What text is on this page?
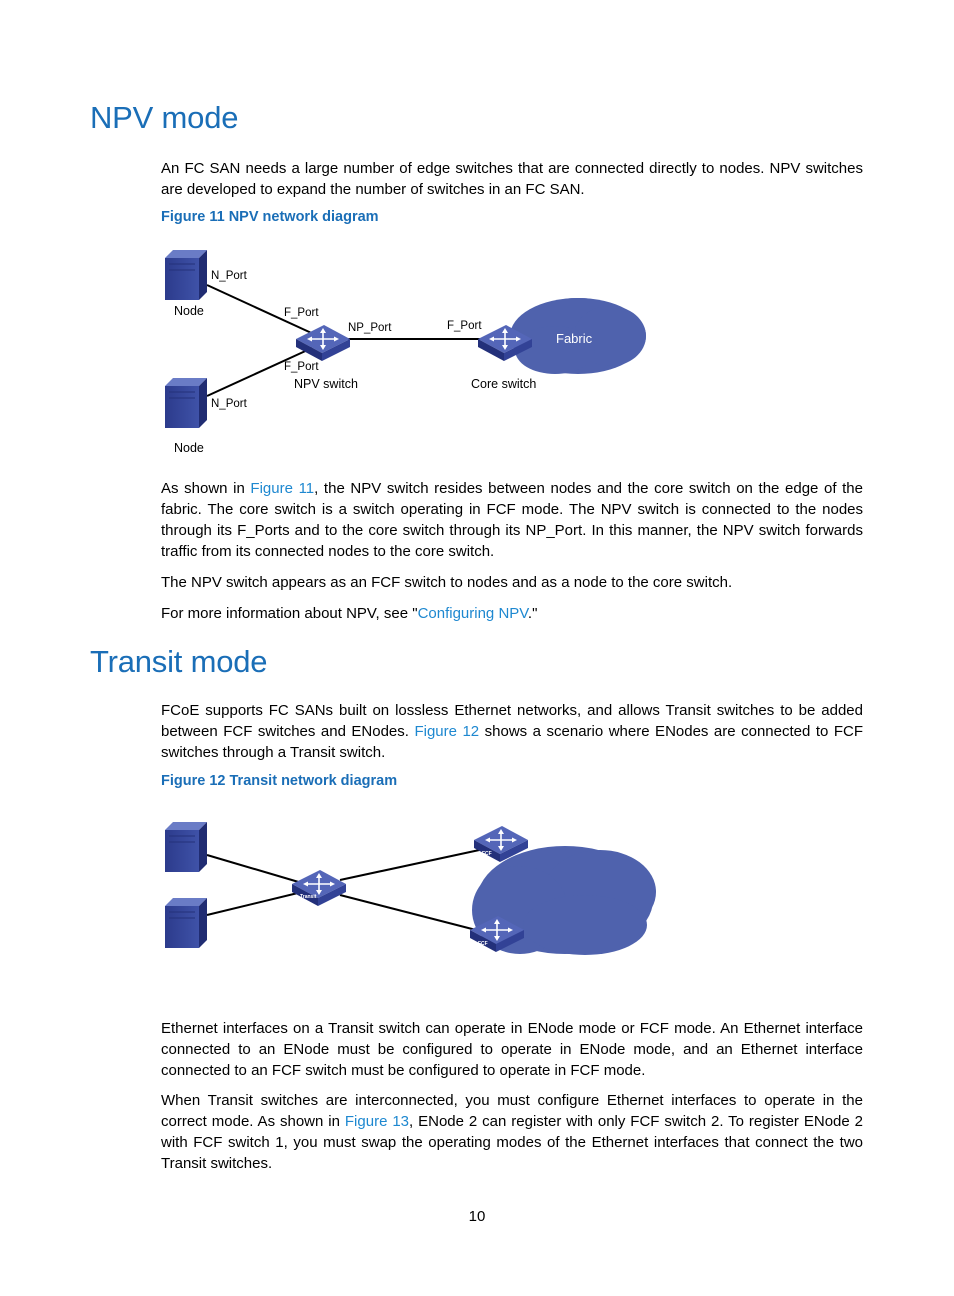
NPV mode

An FC SAN needs a large number of edge switches that are connected directly to nodes. NPV switches are developed to expand the number of switches in an FC SAN.

Figure 11 NPV network diagram

N_Port
Node	F_Port
NP_Port	F_Port
Fabric
F_Port
NPV switch	Core switch
N_Port
Node

As shown in Figure 11, the NPV switch resides between nodes and the core switch on the edge of the fabric. The core switch is a switch operating in FCF mode. The NPV switch is connected to the nodes through its F_Ports and to the core switch through its NP_Port. In this manner, the NPV switch forwards traffic from its connected nodes to the core switch.

The NPV switch appears as an FCF switch to nodes and as a node to the core switch.

For more information about NPV, see "Configuring NPV."

Transit mode

FCoE supports FC SANs built on lossless Ethernet networks, and allows Transit switches to be added between FCF switches and ENodes. Figure 12 shows a scenario where ENodes are connected to FCF switches through a Transit switch.

Figure 12 Transit network diagram

Transit
FCF
FCF

Ethernet interfaces on a Transit switch can operate in ENode mode or FCF mode. An Ethernet interface connected to an ENode must be configured to operate in ENode mode, and an Ethernet interface connected to an FCF switch must be configured to operate in FCF mode.

When Transit switches are interconnected, you must configure Ethernet interfaces to operate in the correct mode. As shown in Figure 13, ENode 2 can register with only FCF switch 2. To register ENode 2 with FCF switch 1, you must swap the operating modes of the Ethernet interfaces that connect the two Transit switches.

10
